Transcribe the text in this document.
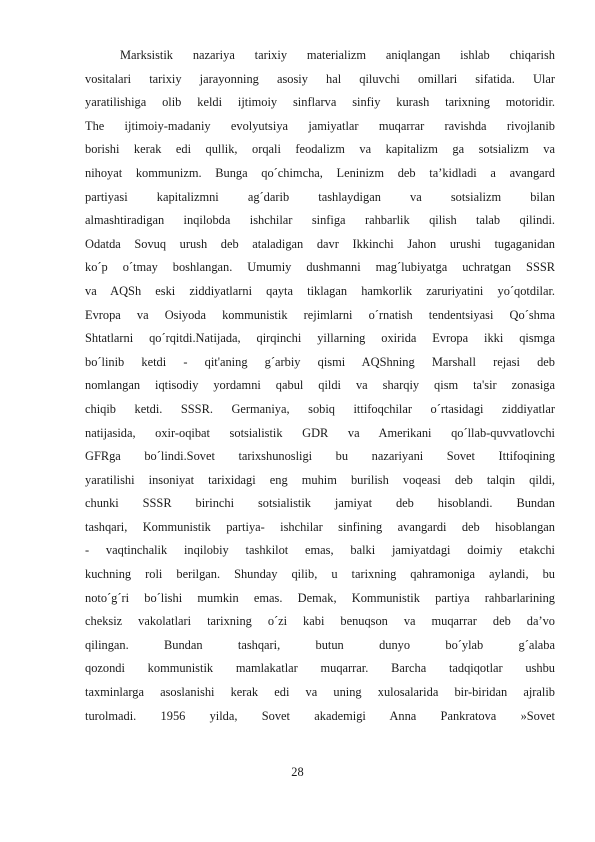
Marksistik nazariya tarixiy materializm aniqlangan ishlab chiqarish
vositalari tarixiy jarayonning asosiy hal qiluvchi omillari sifatida. Ular
yaratilishiga olib keldi ijtimoiy sinflarva sinfiy kurash tarixning motoridir.
The ijtimoiy-madaniy evolyutsiya jamiyatlar muqarrar ravishda rivojlanib
borishi kerak edi qullik, orqali feodalizm va kapitalizm ga sotsializm va
nihoyat kommunizm. Bunga qo´chimcha, Leninizm deb ta’kidladi a avangard
partiyasi kapitalizmni ag´darib tashlaydigan va sotsializm bilan
almashtiradigan inqilobda ishchilar sinfiga rahbarlik qilish talab qilindi.
Odatda Sovuq urush deb ataladigan davr Ikkinchi Jahon urushi tugaganidan
ko´p o´tmay boshlangan. Umumiy dushmanni mag´lubiyatga uchratgan SSSR
va AQSh eski ziddiyatlarni qayta tiklagan hamkorlik zaruriyatini yo´qotdilar.
Evropa va Osiyoda kommunistik rejimlarni o´rnatish tendentsiyasi Qo´shma
Shtatlarni qo´rqitdi.Natijada, qirqinchi yillarning oxirida Evropa ikki qismga
bo´linib ketdi - qit'aning g´arbiy qismi AQShning Marshall rejasi deb
nomlangan iqtisodiy yordamni qabul qildi va sharqiy qism ta'sir zonasiga
chiqib ketdi. SSSR. Germaniya, sobiq ittifoqchilar o´rtasidagi ziddiyatlar
natijasida, oxir-oqibat sotsialistik GDR va Amerikani qo´llab-quvvatlovchi
GFRga bo´lindi.Sovet tarixshunosligi bu nazariyani Sovet Ittifoqining
yaratilishi insoniyat tarixidagi eng muhim burilish voqeasi deb talqin qildi,
chunki SSSR birinchi sotsialistik jamiyat deb hisoblandi. Bundan
tashqari, Kommunistik partiya- ishchilar sinfining avangardi deb hisoblangan
- vaqtinchalik inqilobiy tashkilot emas, balki jamiyatdagi doimiy etakchi
kuchning roli berilgan. Shunday qilib, u tarixning qahramoniga aylandi, bu
noto´g´ri bo´lishi mumkin emas. Demak, Kommunistik partiya rahbarlarining
cheksiz vakolatlari tarixning o´zi kabi benuqson va muqarrar deb da’vo
qilingan. Bundan tashqari, butun dunyo bo´ylab g´alaba
qozondi kommunistik mamlakatlar muqarrar. Barcha tadqiqotlar ushbu
taxminlarga asoslanishi kerak edi va uning xulosalarida bir-biridan ajralib
turolmadi. 1956 yilda, Sovet akademigi Anna Pankratova »Sovet
28
